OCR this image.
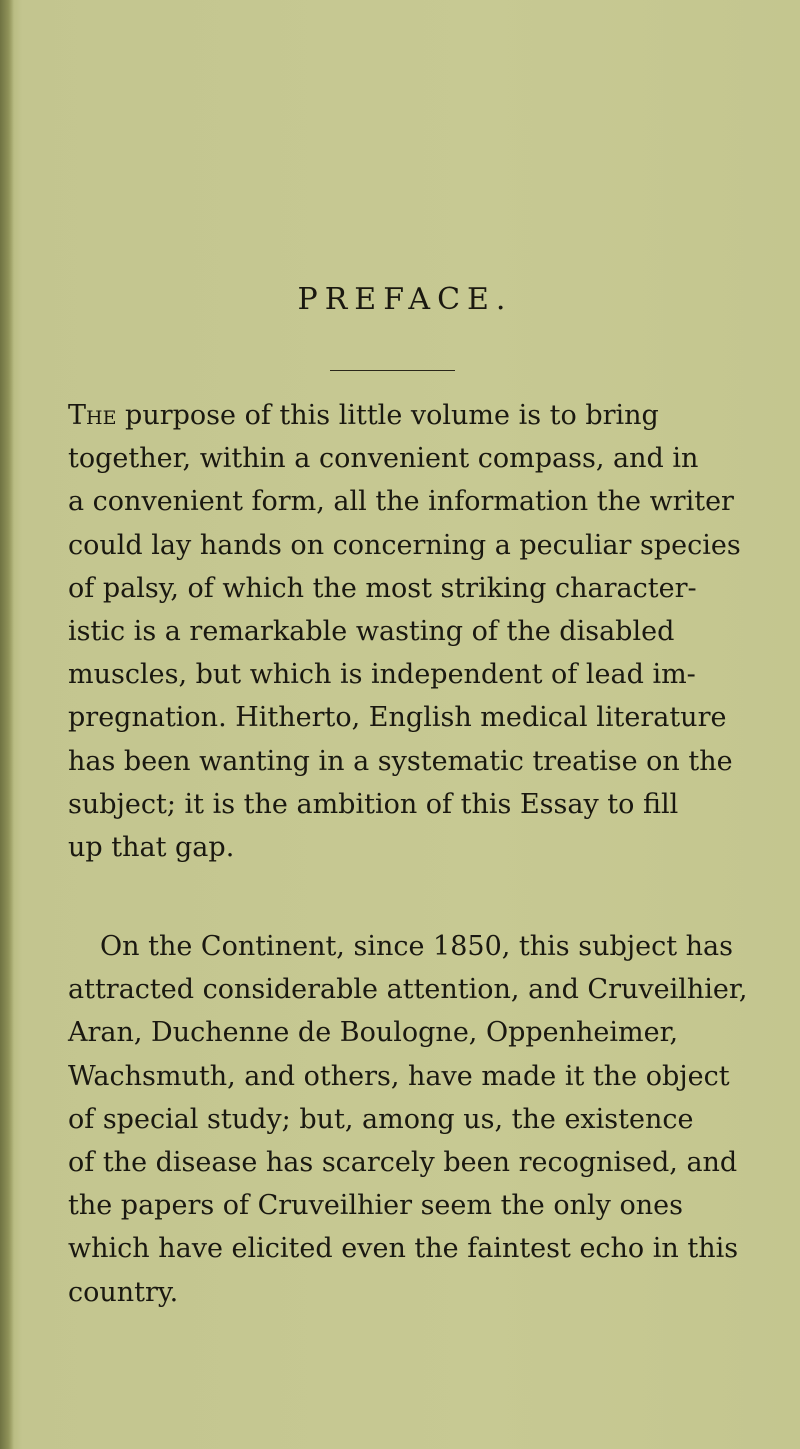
PREFACE.
The purpose of this little volume is to bring
together, within a convenient compass, and in
a convenient form, all the information the writer
could lay hands on concerning a peculiar species
of palsy, of which the most striking character-
istic is a remarkable wasting of the disabled
muscles, but which is independent of lead im-
pregnation. Hitherto, English medical literature
has been wanting in a systematic treatise on the
subject; it is the ambition of this Essay to fill
up that gap.
On the Continent, since 1850, this subject has
attracted considerable attention, and Cruveilhier,
Aran, Duchenne de Boulogne, Oppenheimer,
Wachsmuth, and others, have made it the object
of special study; but, among us, the existence
of the disease has scarcely been recognised, and
the papers of Cruveilhier seem the only ones
which have elicited even the faintest echo in this
country.
